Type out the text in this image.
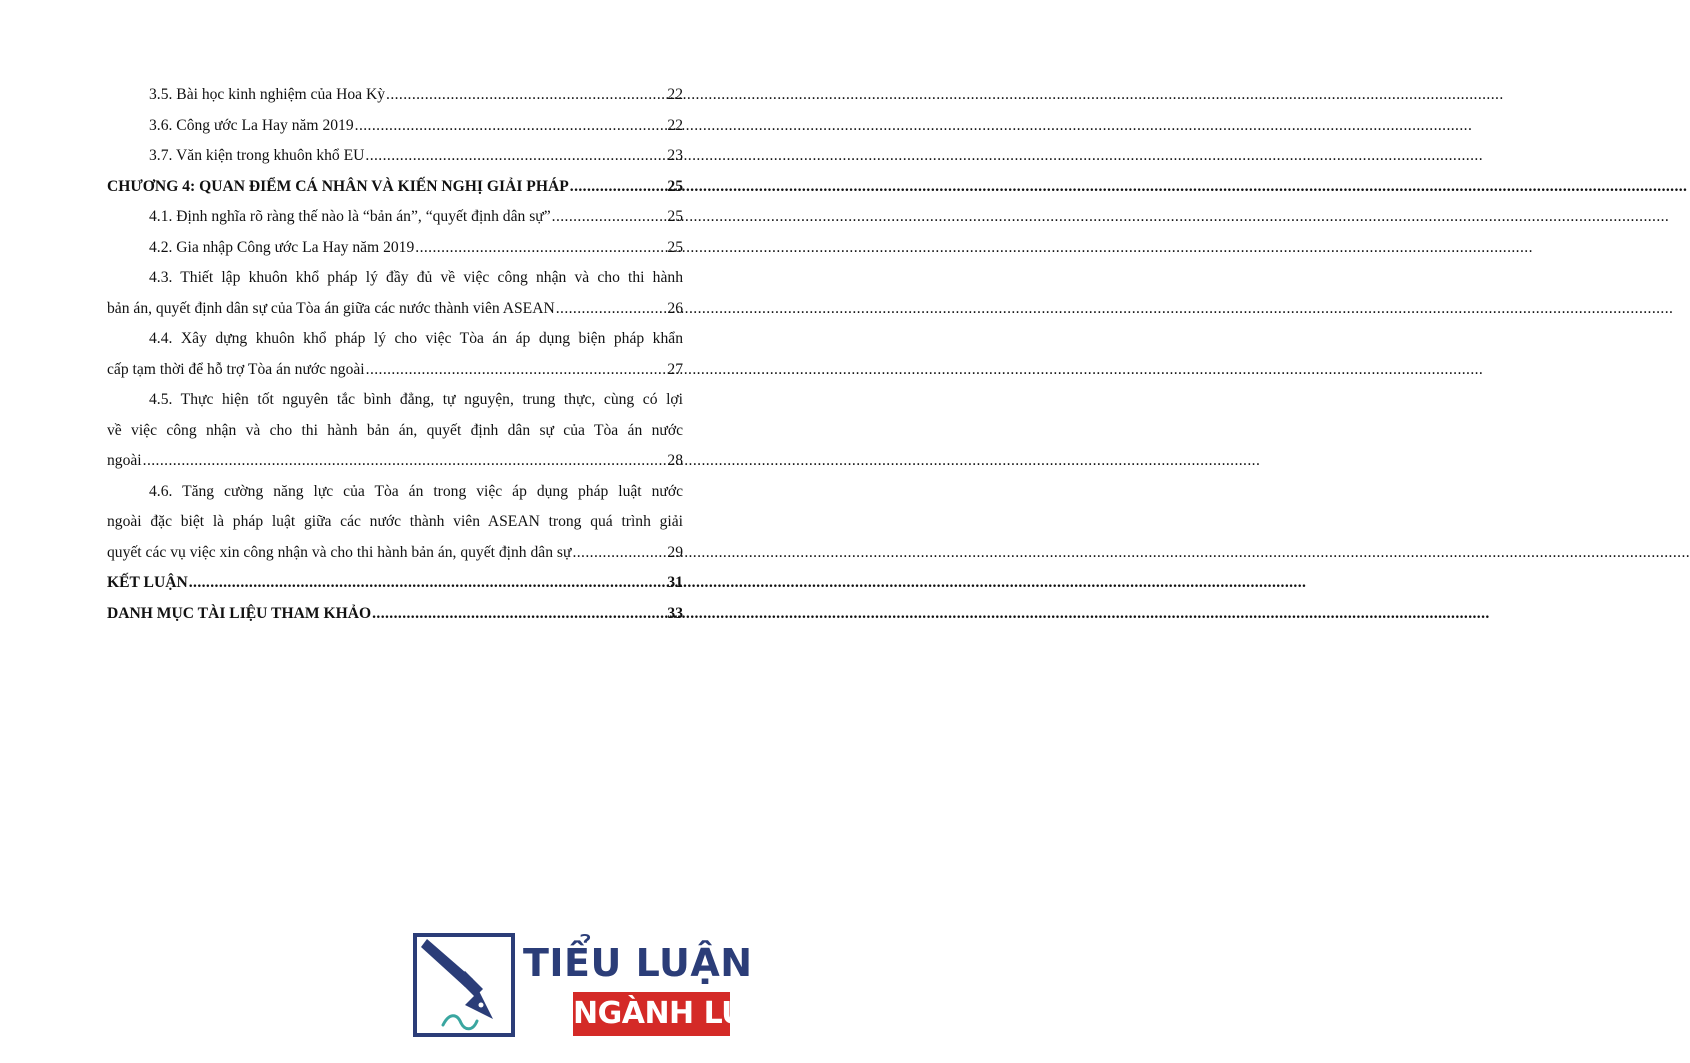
3.5. Bài học kinh nghiệm của Hoa Kỳ .....	22
3.6. Công ước La Hay năm 2019 .....	22
3.7. Văn kiện trong khuôn khổ EU .....	23
CHƯƠNG 4: QUAN ĐIỂM CÁ NHÂN VÀ KIẾN NGHỊ GIẢI PHÁP .....	25
4.1. Định nghĩa rõ ràng thế nào là “bản án”, “quyết định dân sự” .....	25
4.2. Gia nhập Công ước La Hay năm 2019 .....	25
4.3. Thiết lập khuôn khổ pháp lý đầy đủ về việc công nhận và cho thi hành
bản án, quyết định dân sự của Tòa án giữa các nước thành viên ASEAN .....	26
4.4. Xây dựng khuôn khổ pháp lý cho việc Tòa án áp dụng biện pháp khẩn
cấp tạm thời để hỗ trợ Tòa án nước ngoài .....	27
4.5. Thực hiện tốt nguyên tắc bình đẳng, tự nguyện, trung thực, cùng có lợi
về việc công nhận và cho thi hành bản án, quyết định dân sự của Tòa án nước
ngoài .....	28
4.6. Tăng cường năng lực của Tòa án trong việc áp dụng pháp luật nước
ngoài đặc biệt là pháp luật giữa các nước thành viên ASEAN trong quá trình giải
quyết các vụ việc xin công nhận và cho thi hành bản án, quyết định dân sự .....	29
KẾT LUẬN .....	31
DANH MỤC TÀI LIỆU THAM KHẢO .....	33
TIỂU LUẬN
NGÀNH LUẬT
